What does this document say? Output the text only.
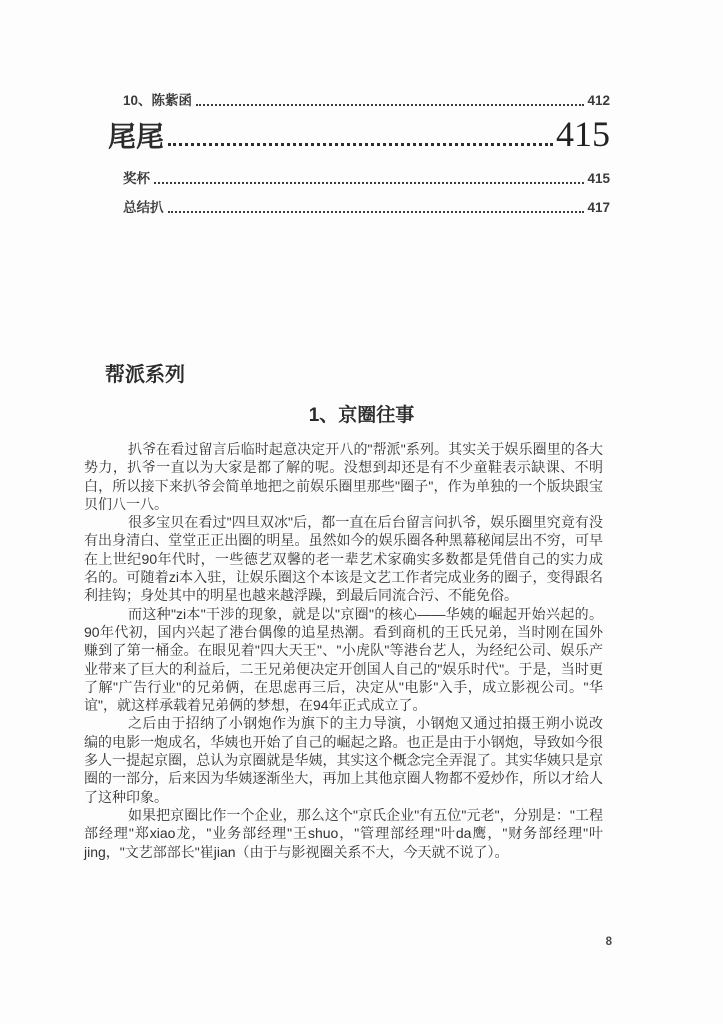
10、陈紫函	412
尾尾	415
奖杯	415
总结扒	417
帮派系列
1、京圈往事

扒爷在看过留言后临时起意决定开八的"帮派"系列。其实关于娱乐圈里的各大势力，扒爷一直以为大家是都了解的呢。没想到却还是有不少童鞋表示缺课、不明白，所以接下来扒爷会简单地把之前娱乐圈里那些"圈子"，作为单独的一个版块跟宝贝们八一八。

很多宝贝在看过"四旦双冰"后，都一直在后台留言问扒爷，娱乐圈里究竟有没有出身清白、堂堂正正出圈的明星。虽然如今的娱乐圈各种黑幕秘闻层出不穷，可早在上世纪90年代时，一些德艺双馨的老一辈艺术家确实多数都是凭借自己的实力成名的。可随着zi本入驻，让娱乐圈这个本该是文艺工作者完成业务的圈子，变得跟名利挂钩；身处其中的明星也越来越浮躁，到最后同流合污、不能免俗。

而这种"zi本"干涉的现象，就是以"京圈"的核心——华姨的崛起开始兴起的。90年代初，国内兴起了港台偶像的追星热潮。看到商机的王氏兄弟，当时刚在国外赚到了第一桶金。在眼见着"四大天王"、"小虎队"等港台艺人，为经纪公司、娱乐产业带来了巨大的利益后，二王兄弟便决定开创国人自己的"娱乐时代"。于是，当时更了解"广告行业"的兄弟俩，在思虑再三后，决定从"电影"入手，成立影视公司。"华谊"，就这样承载着兄弟俩的梦想，在94年正式成立了。

之后由于招纳了小钢炮作为旗下的主力导演，小钢炮又通过拍摄王朔小说改编的电影一炮成名，华姨也开始了自己的崛起之路。也正是由于小钢炮，导致如今很多人一提起京圈，总认为京圈就是华姨，其实这个概念完全弄混了。其实华姨只是京圈的一部分，后来因为华姨逐渐坐大，再加上其他京圈人物都不爱炒作，所以才给人了这种印象。

如果把京圈比作一个企业，那么这个"京氏企业"有五位"元老"，分别是："工程部经理"郑xiao龙，"业务部经理"王shuo，"管理部经理"叶da鹰，"财务部经理"叶jing，"文艺部部长"崔jian（由于与影视圈关系不大，今天就不说了）。

8
